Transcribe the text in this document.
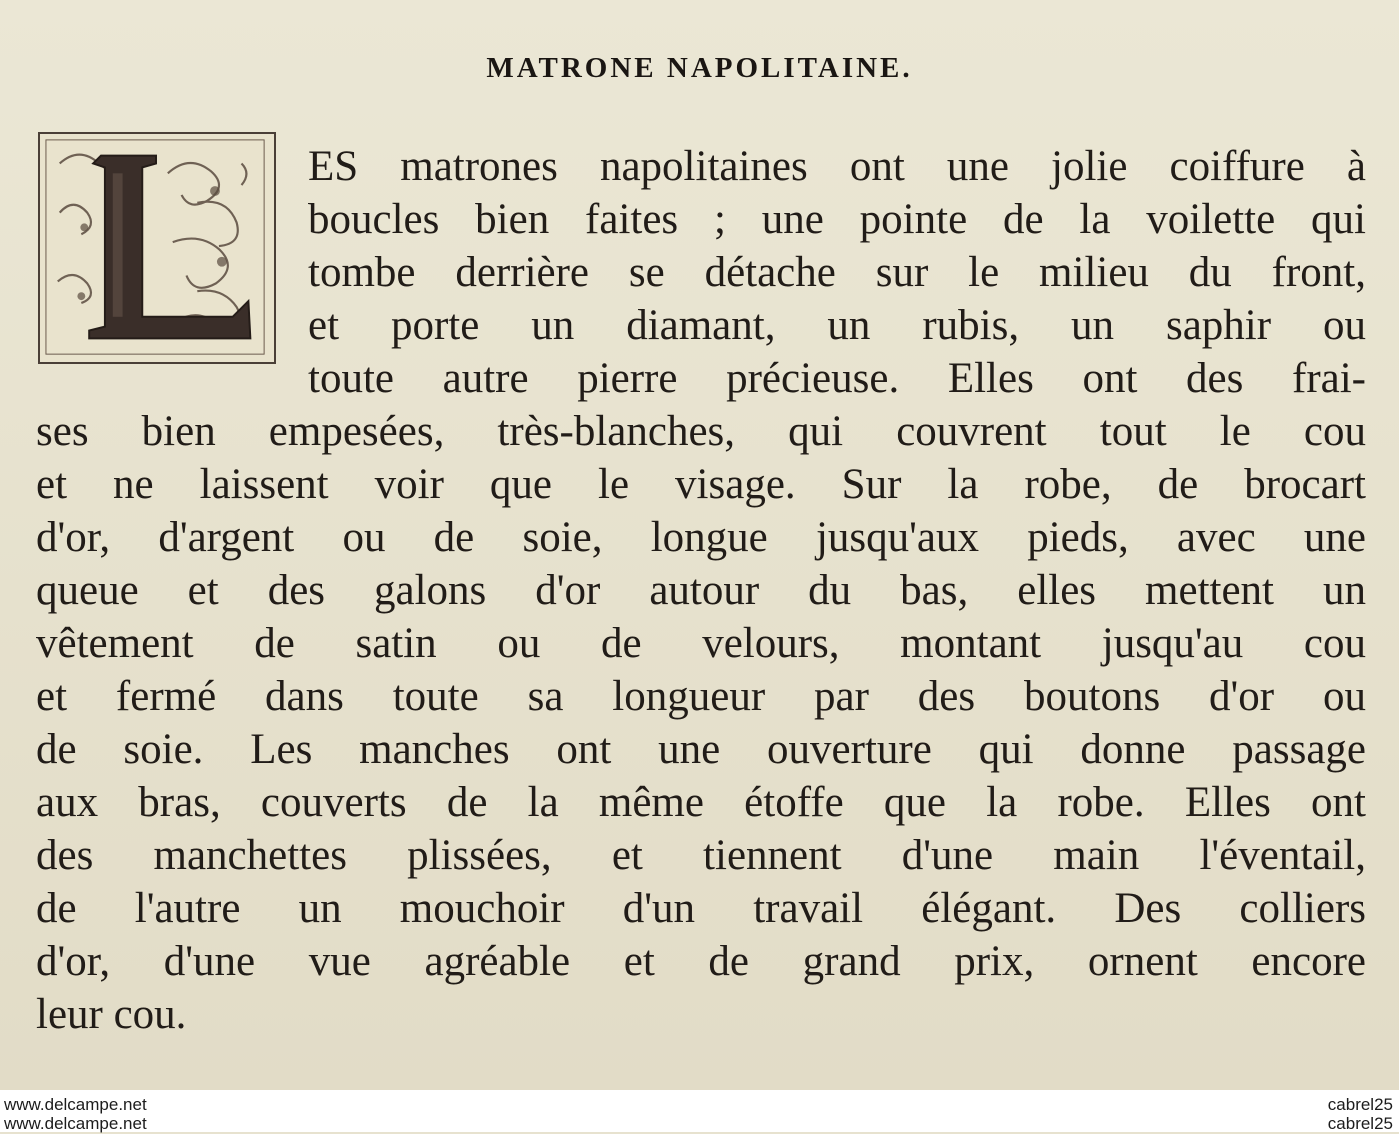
MATRONE NAPOLITAINE.
ES matrones napolitaines ont une jolie coiffure à
boucles bien faites ; une pointe de la voilette qui
tombe derrière se détache sur le milieu du front,
et porte un diamant, un rubis, un saphir ou
toute autre pierre précieuse. Elles ont des frai-
ses bien empesées, très-blanches, qui couvrent tout le cou
et ne laissent voir que le visage. Sur la robe, de brocart
d'or, d'argent ou de soie, longue jusqu'aux pieds, avec une
queue et des galons d'or autour du bas, elles mettent un
vêtement de satin ou de velours, montant jusqu'au cou
et fermé dans toute sa longueur par des boutons d'or ou
de soie. Les manches ont une ouverture qui donne passage
aux bras, couverts de la même étoffe que la robe. Elles ont
des manchettes plissées, et tiennent d'une main l'éventail,
de l'autre un mouchoir d'un travail élégant. Des colliers
d'or, d'une vue agréable et de grand prix, ornent encore
leur cou.
www.delcampe.net
www.delcampe.net
cabrel25
cabrel25
